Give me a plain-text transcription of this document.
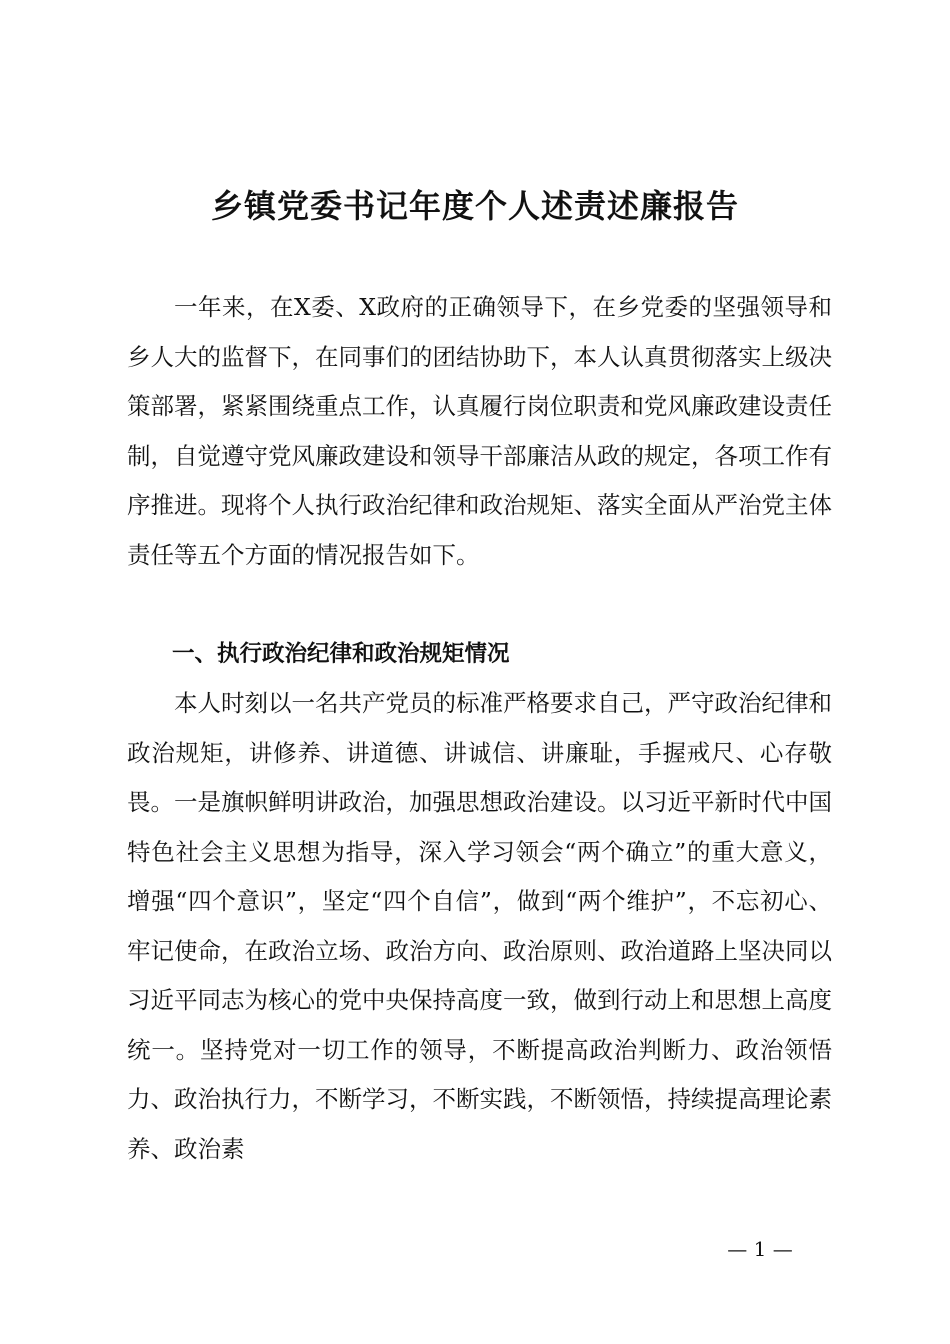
乡镇党委书记年度个人述责述廉报告

一年来，在X委、X政府的正确领导下，在乡党委的坚强领导和乡人大的监督下，在同事们的团结协助下，本人认真贯彻落实上级决策部署，紧紧围绕重点工作，认真履行岗位职责和党风廉政建设责任制，自觉遵守党风廉政建设和领导干部廉洁从政的规定，各项工作有序推进。现将个人执行政治纪律和政治规矩、落实全面从严治党主体责任等五个方面的情况报告如下。

一、执行政治纪律和政治规矩情况

本人时刻以一名共产党员的标准严格要求自己，严守政治纪律和政治规矩，讲修养、讲道德、讲诚信、讲廉耻，手握戒尺、心存敬畏。一是旗帜鲜明讲政治，加强思想政治建设。以习近平新时代中国特色社会主义思想为指导，深入学习领会“两个确立”的重大意义，增强“四个意识”，坚定“四个自信”，做到“两个维护”，不忘初心、牢记使命，在政治立场、政治方向、政治原则、政治道路上坚决同以习近平同志为核心的党中央保持高度一致，做到行动上和思想上高度统一。坚持党对一切工作的领导，不断提高政治判断力、政治领悟力、政治执行力，不断学习，不断实践，不断领悟，持续提高理论素养、政治素

— 1 —
